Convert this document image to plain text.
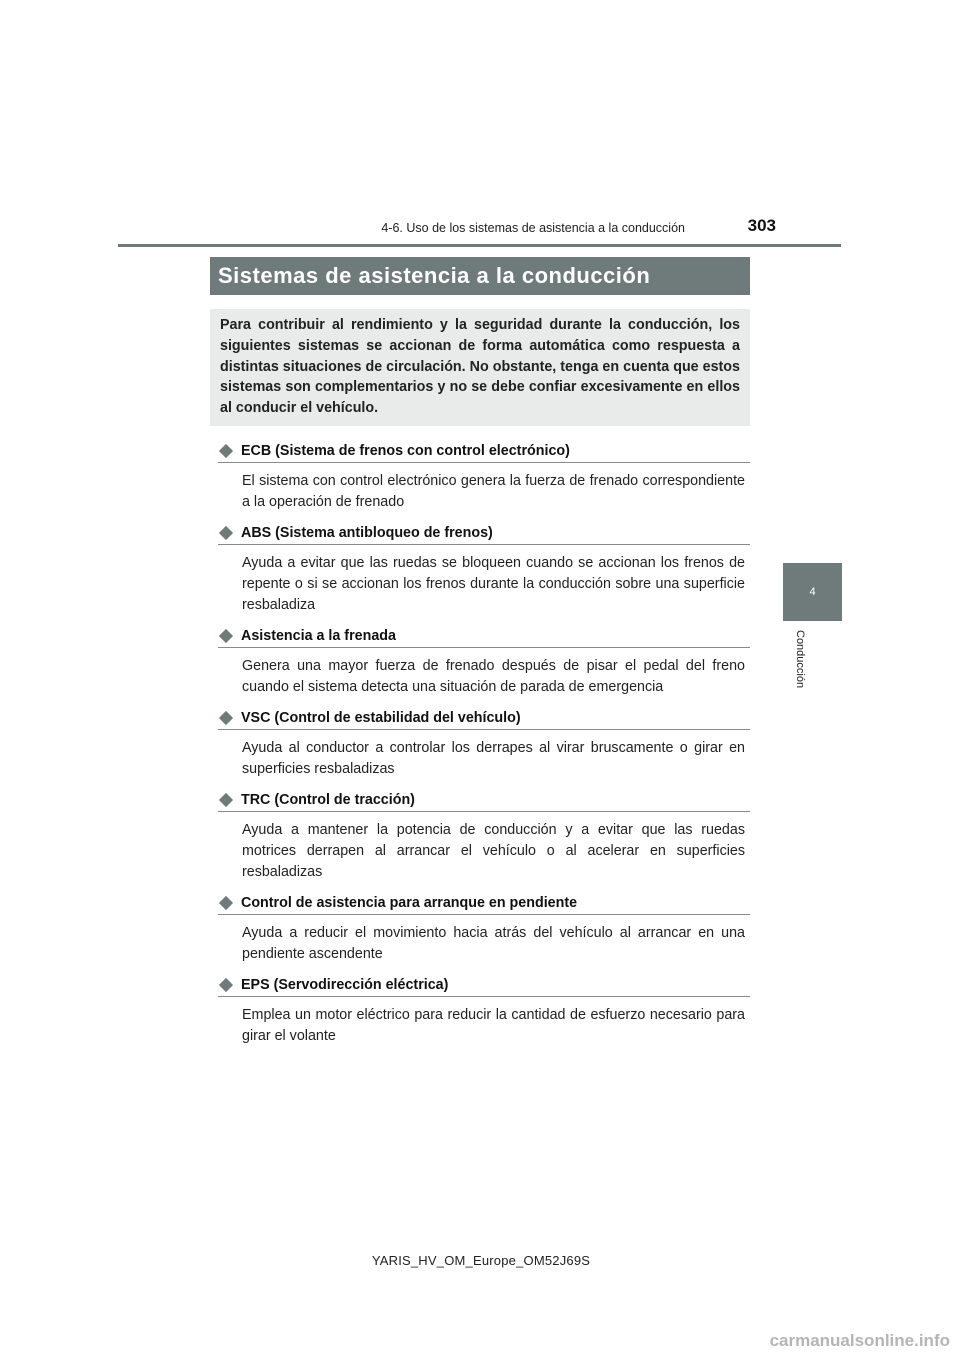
4-6. Uso de los sistemas de asistencia a la conducción	303
4
Conducción
Sistemas de asistencia a la conducción
Para contribuir al rendimiento y la seguridad durante la conducción, los siguientes sistemas se accionan de forma automática como respuesta a distintas situaciones de circulación. No obstante, tenga en cuenta que estos sistemas son complementarios y no se debe confiar excesivamente en ellos al conducir el vehículo.
ECB (Sistema de frenos con control electrónico)
El sistema con control electrónico genera la fuerza de frenado correspondiente a la operación de frenado
ABS (Sistema antibloqueo de frenos)
Ayuda a evitar que las ruedas se bloqueen cuando se accionan los frenos de repente o si se accionan los frenos durante la conducción sobre una superficie resbaladiza
Asistencia a la frenada
Genera una mayor fuerza de frenado después de pisar el pedal del freno cuando el sistema detecta una situación de parada de emergencia
VSC (Control de estabilidad del vehículo)
Ayuda al conductor a controlar los derrapes al virar bruscamente o girar en superficies resbaladizas
TRC (Control de tracción)
Ayuda a mantener la potencia de conducción y a evitar que las ruedas motrices derrapen al arrancar el vehículo o al acelerar en superficies resbaladizas
Control de asistencia para arranque en pendiente
Ayuda a reducir el movimiento hacia atrás del vehículo al arrancar en una pendiente ascendente
EPS (Servodirección eléctrica)
Emplea un motor eléctrico para reducir la cantidad de esfuerzo necesario para girar el volante
YARIS_HV_OM_Europe_OM52J69S
carmanualsonline.info
